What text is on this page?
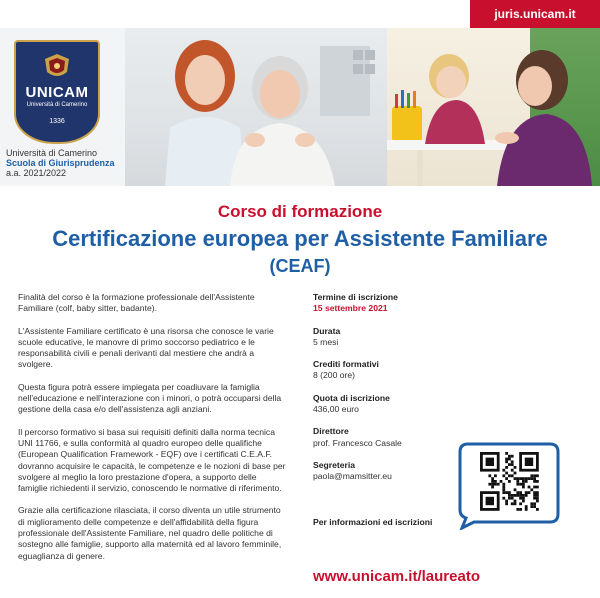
juris.unicam.it
UNICAM
Università di Camerino
1336
Università di Camerino
Scuola di Giurisprudenza
a.a. 2021/2022
Corso di formazione
Certificazione europea per Assistente Familiare
(CEAF)

Finalità del corso è la formazione professionale dell'Assistente Familiare (colf, baby sitter, badante).

L'Assistente Familiare certificato è una risorsa che conosce le varie scuole educative, le manovre di primo soccorso pediatrico e le responsabilità civili e penali derivanti dal mestiere che andrà a svolgere.

Questa figura potrà essere impiegata per coadiuvare la famiglia nell'educazione e nell'interazione con i minori, o potrà occuparsi della gestione della casa e/o dell'assistenza agli anziani.

Il percorso formativo si basa sui requisiti definiti dalla norma tecnica UNI 11766, e sulla conformità al quadro europeo delle qualifiche (European Qualification Framework - EQF) ove i certificati C.E.A.F. dovranno acquisire le capacità, le competenze e le nozioni di base per svolgere al meglio la loro prestazione d'opera, a supporto delle famiglie richiedenti il servizio, conoscendo le normative di riferimento.

Grazie alla certificazione rilasciata, il corso diventa un utile strumento di miglioramento delle competenze e dell'affidabilità della figura professionale dell'Assistente Familiare, nel quadro delle politiche di sostegno alle famiglie, supporto alla maternità ed al lavoro femminile, eguaglianza di genere.

Termine di iscrizione
15 settembre 2021
Durata
5 mesi
Crediti formativi
8 (200 ore)
Quota di iscrizione
436,00 euro
Direttore
prof. Francesco Casale
Segreteria
paola@mamsitter.eu
Per informazioni ed iscrizioni
www.unicam.it/laureato
